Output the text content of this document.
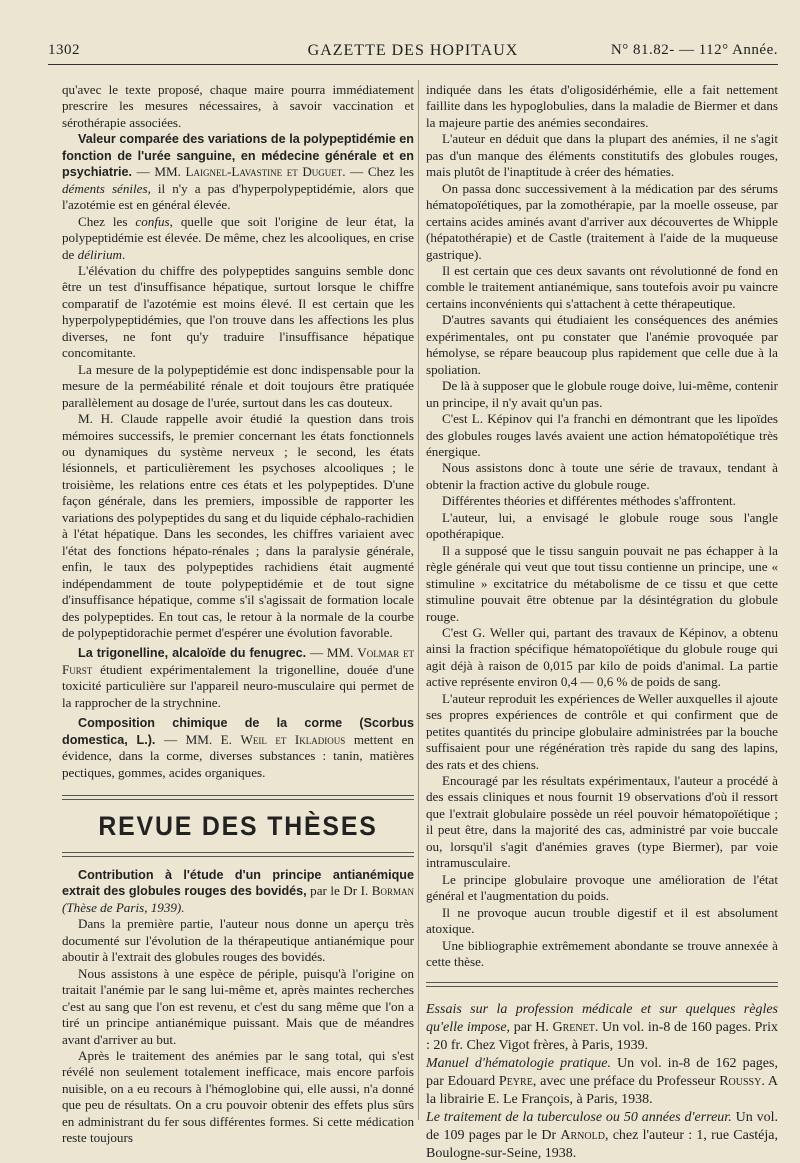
1302	GAZETTE DES HOPITAUX	N° 81.82- — 112° Année.

qu'avec le texte proposé, chaque maire pourra immédiatement prescrire les mesures nécessaires, à savoir vaccination et sérothérapie associées.

Valeur comparée des variations de la polypeptidémie en fonction de l'urée sanguine, en médecine générale et en psychiatrie. — MM. Laignel-Lavastine et Duguet. — Chez les déments séniles, il n'y a pas d'hyperpolypeptidémie, alors que l'azotémie est en général élevée.

Chez les confus, quelle que soit l'origine de leur état, la polypeptidémie est élevée. De même, chez les alcooliques, en crise de délirium.

L'élévation du chiffre des polypeptides sanguins semble donc être un test d'insuffisance hépatique, surtout lorsque le chiffre comparatif de l'azotémie est moins élevé. Il est certain que les hyperpolypeptidémies, que l'on trouve dans les affections les plus diverses, ne font qu'y traduire l'insuffisance hépatique concomitante.

La mesure de la polypeptidémie est donc indispensable pour la mesure de la perméabilité rénale et doit toujours être pratiquée parallèlement au dosage de l'urée, surtout dans les cas douteux.

M. H. Claude rappelle avoir étudié la question dans trois mémoires successifs, le premier concernant les états fonctionnels ou dynamiques du système nerveux ; le second, les états lésionnels, et particulièrement les psychoses alcooliques ; le troisième, les relations entre ces états et les polypeptides. D'une façon générale, dans les premiers, impossible de rapporter les variations des polypeptides du sang et du liquide céphalo-rachidien à l'état hépatique. Dans les secondes, les chiffres variaient avec l'état des fonctions hépato-rénales ; dans la paralysie générale, enfin, le taux des polypeptides rachidiens était augmenté indépendamment de toute polypeptidémie et de tout signe d'insuffisance hépatique, comme s'il s'agissait de formation locale des polypeptides. En tout cas, le retour à la normale de la courbe de polypeptidorachie permet d'espérer une évolution favorable.

La trigonelline, alcaloïde du fenugrec. — MM. Volmar et Furst étudient expérimentalement la trigonelline, douée d'une toxicité particulière sur l'appareil neuro-musculaire qui permet de la rapprocher de la strychnine.

Composition chimique de la corme (Scorbus domestica, L.). — MM. E. Weil et Ikladious mettent en évidence, dans la corme, diverses substances : tanin, matières pectiques, gommes, acides organiques.

REVUE DES THÈSES

Contribution à l'étude d'un principe antianémique extrait des globules rouges des bovidés, par le Dr I. Borman (Thèse de Paris, 1939).

Dans la première partie, l'auteur nous donne un aperçu très documenté sur l'évolution de la thérapeutique antianémique pour aboutir à l'extrait des globules rouges des bovidés.

Nous assistons à une espèce de périple, puisqu'à l'origine on traitait l'anémie par le sang lui-même et, après maintes recherches c'est au sang que l'on est revenu, et c'est du sang même que l'on a tiré un principe antianémique puissant. Mais que de méandres avant d'arriver au but.

Après le traitement des anémies par le sang total, qui s'est révélé non seulement totalement inefficace, mais encore parfois nuisible, on a eu recours à l'hémoglobine qui, elle aussi, n'a donné que peu de résultats. On a cru pouvoir obtenir des effets plus sûrs en administrant du fer sous différentes formes. Si cette médication reste toujours

indiquée dans les états d'oligosidérhémie, elle a fait nettement faillite dans les hypoglobulies, dans la maladie de Biermer et dans la majeure partie des anémies secondaires.

L'auteur en déduit que dans la plupart des anémies, il ne s'agit pas d'un manque des éléments constitutifs des globules rouges, mais plutôt de l'inaptitude à créer des hématies.

On passa donc successivement à la médication par des sérums hématopoïétiques, par la zomothérapie, par la moelle osseuse, par certains acides aminés avant d'arriver aux découvertes de Whipple (hépatothérapie) et de Castle (traitement à l'aide de la muqueuse gastrique).

Il est certain que ces deux savants ont révolutionné de fond en comble le traitement antianémique, sans toutefois avoir pu vaincre certains inconvénients qui s'attachent à cette thérapeutique.

D'autres savants qui étudiaient les conséquences des anémies expérimentales, ont pu constater que l'anémie provoquée par hémolyse, se répare beaucoup plus rapidement que celle due à la spoliation.

De là à supposer que le globule rouge doive, lui-même, contenir un principe, il n'y avait qu'un pas.

C'est L. Képinov qui l'a franchi en démontrant que les lipoïdes des globules rouges lavés avaient une action hématopoïétique très énergique.

Nous assistons donc à toute une série de travaux, tendant à obtenir la fraction active du globule rouge.

Différentes théories et différentes méthodes s'affrontent.

L'auteur, lui, a envisagé le globule rouge sous l'angle opothérapique.

Il a supposé que le tissu sanguin pouvait ne pas échapper à la règle générale qui veut que tout tissu contienne un principe, une « stimuline » excitatrice du métabolisme de ce tissu et que cette stimuline pouvait être obtenue par la désintégration du globule rouge.

C'est G. Weller qui, partant des travaux de Képinov, a obtenu ainsi la fraction spécifique hématopoïétique du globule rouge qui agit déjà à raison de 0,015 par kilo de poids d'animal. La partie active représente environ 0,4 — 0,6 % de poids de sang.

L'auteur reproduit les expériences de Weller auxquelles il ajoute ses propres expériences de contrôle et qui confirment que de petites quantités du principe globulaire administrées par la bouche suffisaient pour une régénération très rapide du sang des lapins, des rats et des chiens.

Encouragé par les résultats expérimentaux, l'auteur a procédé à des essais cliniques et nous fournit 19 observations d'où il ressort que l'extrait globulaire possède un réel pouvoir hématopoïétique ; il peut être, dans la majorité des cas, administré par voie buccale ou, lorsqu'il s'agit d'anémies graves (type Biermer), par voie intramusculaire.

Le principe globulaire provoque une amélioration de l'état général et l'augmentation du poids.

Il ne provoque aucun trouble digestif et il est absolument atoxique.

Une bibliographie extrêmement abondante se trouve annexée à cette thèse.

Essais sur la profession médicale et sur quelques règles qu'elle impose, par H. Grenet. Un vol. in-8 de 160 pages. Prix : 20 fr. Chez Vigot frères, à Paris, 1939.

Manuel d'hématologie pratique. Un vol. in-8 de 162 pages, par Edouard Peyre, avec une préface du Professeur Roussy. A la librairie E. Le François, à Paris, 1938.

Le traitement de la tuberculose ou 50 années d'erreur. Un vol. de 109 pages par le Dr Arnold, chez l'auteur : 1, rue Castéja, Boulogne-sur-Seine, 1938.
